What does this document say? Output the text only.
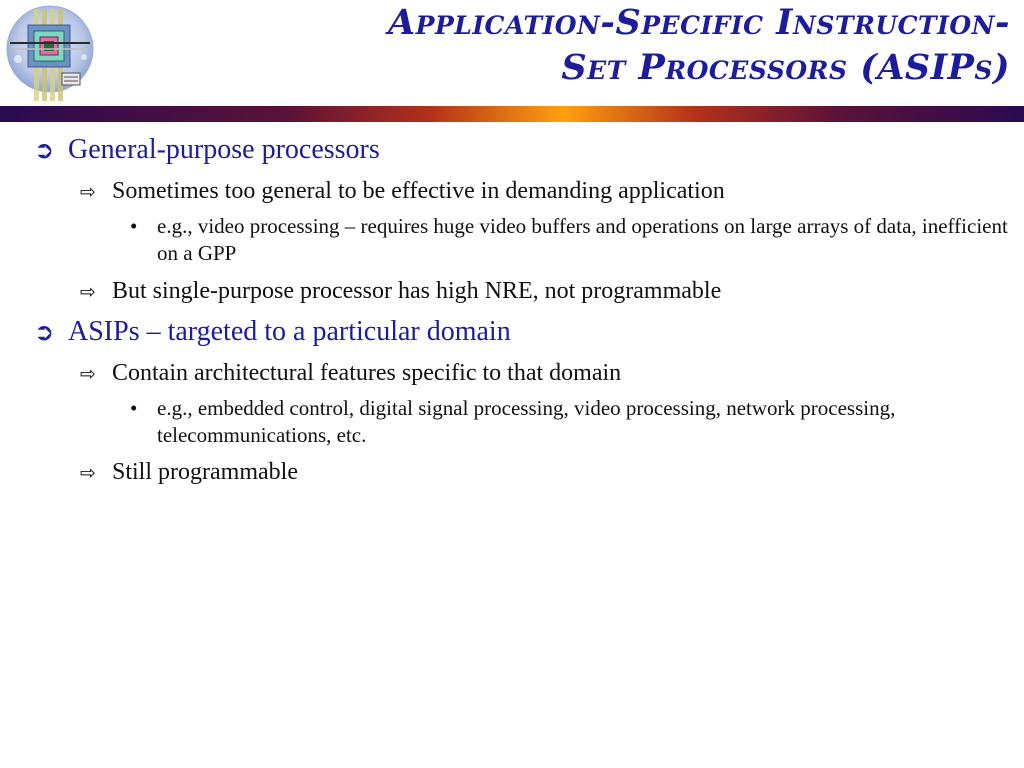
Application-Specific Instruction-
Set Processors (ASIPs)
➲ General-purpose processors
⇨ Sometimes too general to be effective in demanding application
• e.g., video processing – requires huge video buffers and operations on large arrays of data, inefficient on a GPP
⇨ But single-purpose processor has high NRE, not programmable
➲ ASIPs – targeted to a particular domain
⇨ Contain architectural features specific to that domain
• e.g., embedded control, digital signal processing, video processing, network processing, telecommunications, etc.
⇨ Still programmable
